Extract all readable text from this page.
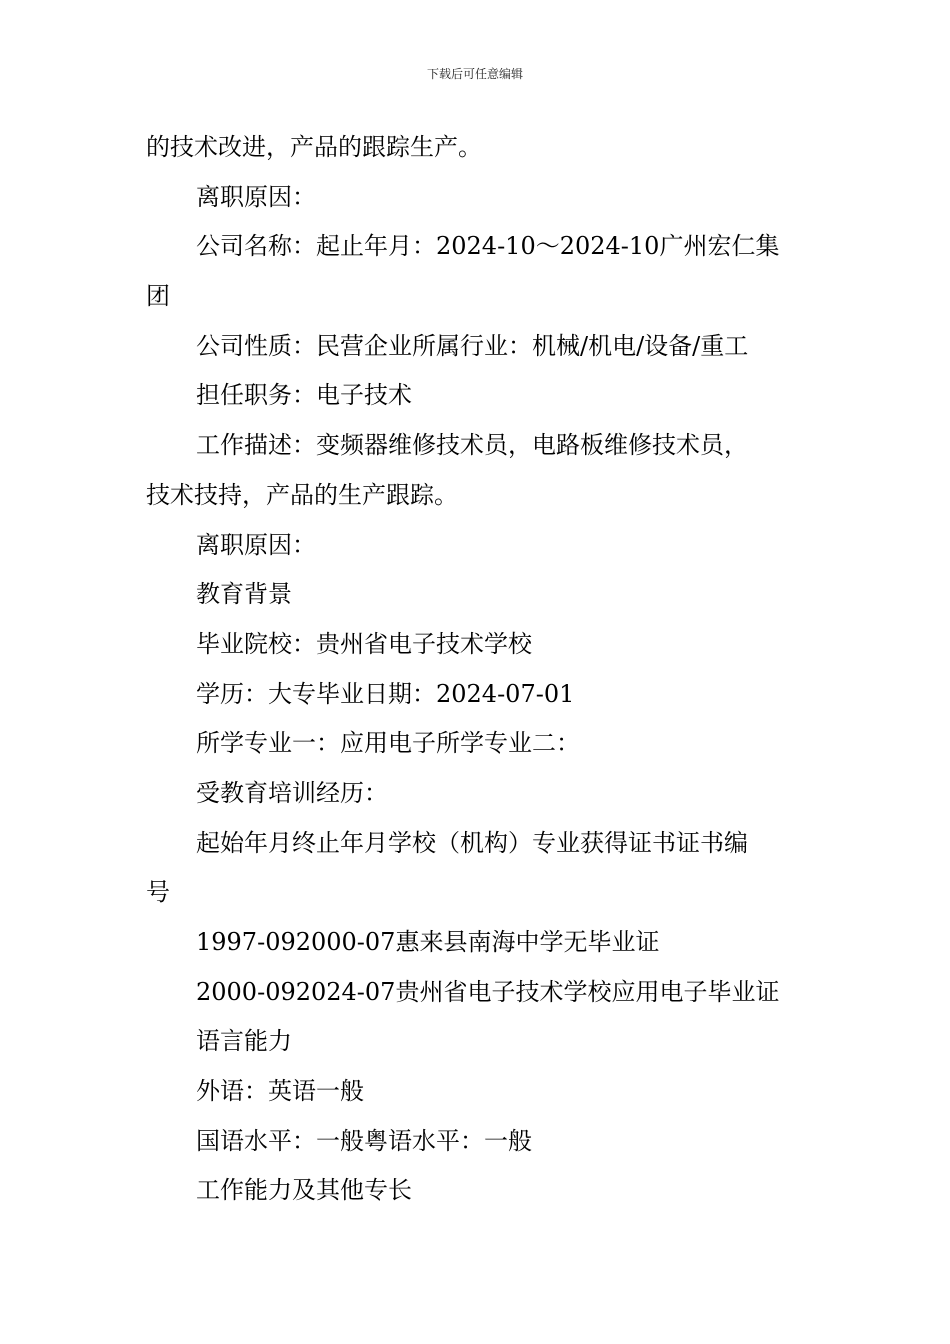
下载后可任意编辑
的技术改进，产品的跟踪生产。
离职原因：
公司名称：起止年月：2024-10～2024-10广州宏仁集
团
公司性质：民营企业所属行业：机械/机电/设备/重工
担任职务：电子技术
工作描述：变频器维修技术员，电路板维修技术员，
技术技持，产品的生产跟踪。
离职原因：
教育背景
毕业院校：贵州省电子技术学校
学历：大专毕业日期：2024-07-01
所学专业一：应用电子所学专业二：
受教育培训经历：
起始年月终止年月学校（机构）专业获得证书证书编
号
1997-092000-07惠来县南海中学无毕业证
2000-092024-07贵州省电子技术学校应用电子毕业证
语言能力
外语：英语一般
国语水平：一般粤语水平：一般
工作能力及其他专长
